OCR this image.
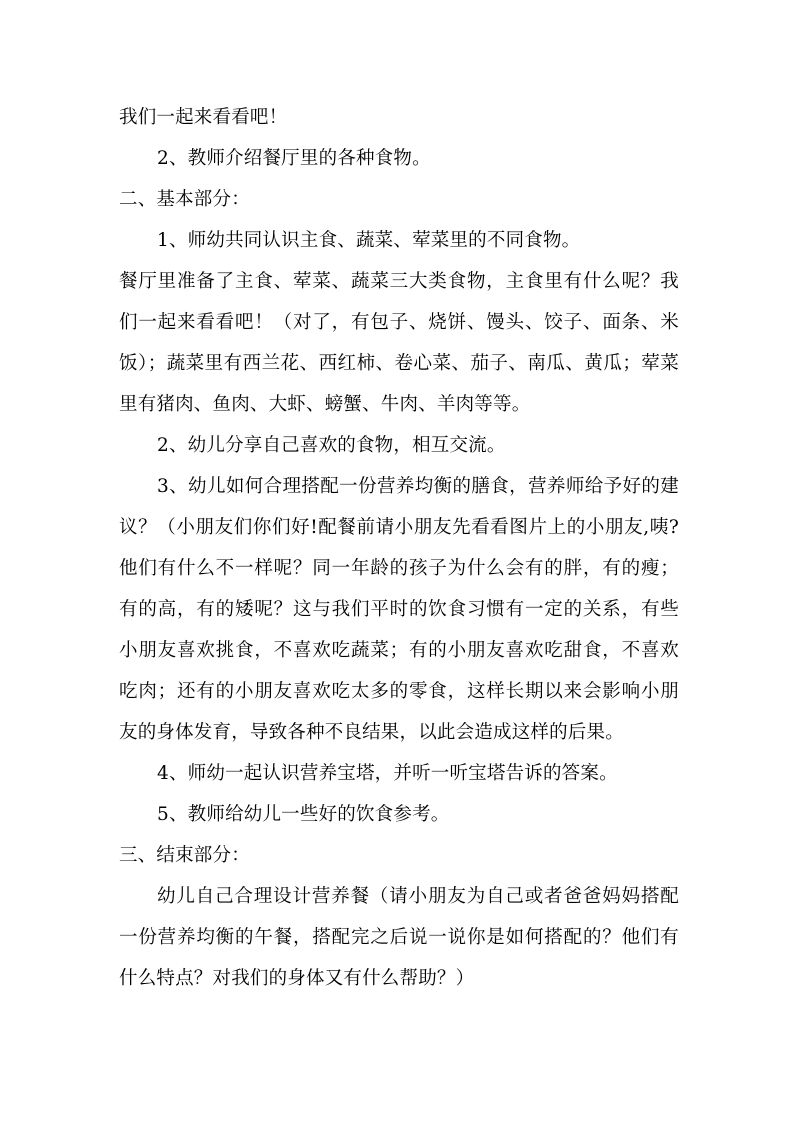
我们一起来看看吧！

2、教师介绍餐厅里的各种食物。

二、基本部分：

1、师幼共同认识主食、蔬菜、荤菜里的不同食物。

餐厅里准备了主食、荤菜、蔬菜三大类食物，主食里有什么呢？我们一起来看看吧！（对了，有包子、烧饼、馒头、饺子、面条、米饭）；蔬菜里有西兰花、西红柿、卷心菜、茄子、南瓜、黄瓜；荤菜里有猪肉、鱼肉、大虾、螃蟹、牛肉、羊肉等等。

2、幼儿分享自己喜欢的食物，相互交流。

3、幼儿如何合理搭配一份营养均衡的膳食，营养师给予好的建议？（小朋友们你们好!配餐前请小朋友先看看图片上的小朋友,咦?他们有什么不一样呢？同一年龄的孩子为什么会有的胖，有的瘦；有的高，有的矮呢？这与我们平时的饮食习惯有一定的关系，有些小朋友喜欢挑食，不喜欢吃蔬菜；有的小朋友喜欢吃甜食，不喜欢吃肉；还有的小朋友喜欢吃太多的零食，这样长期以来会影响小朋友的身体发育，导致各种不良结果，以此会造成这样的后果。

4、师幼一起认识营养宝塔，并听一听宝塔告诉的答案。

5、教师给幼儿一些好的饮食参考。

三、结束部分：

幼儿自己合理设计营养餐（请小朋友为自己或者爸爸妈妈搭配一份营养均衡的午餐，搭配完之后说一说你是如何搭配的？他们有什么特点？对我们的身体又有什么帮助？）
